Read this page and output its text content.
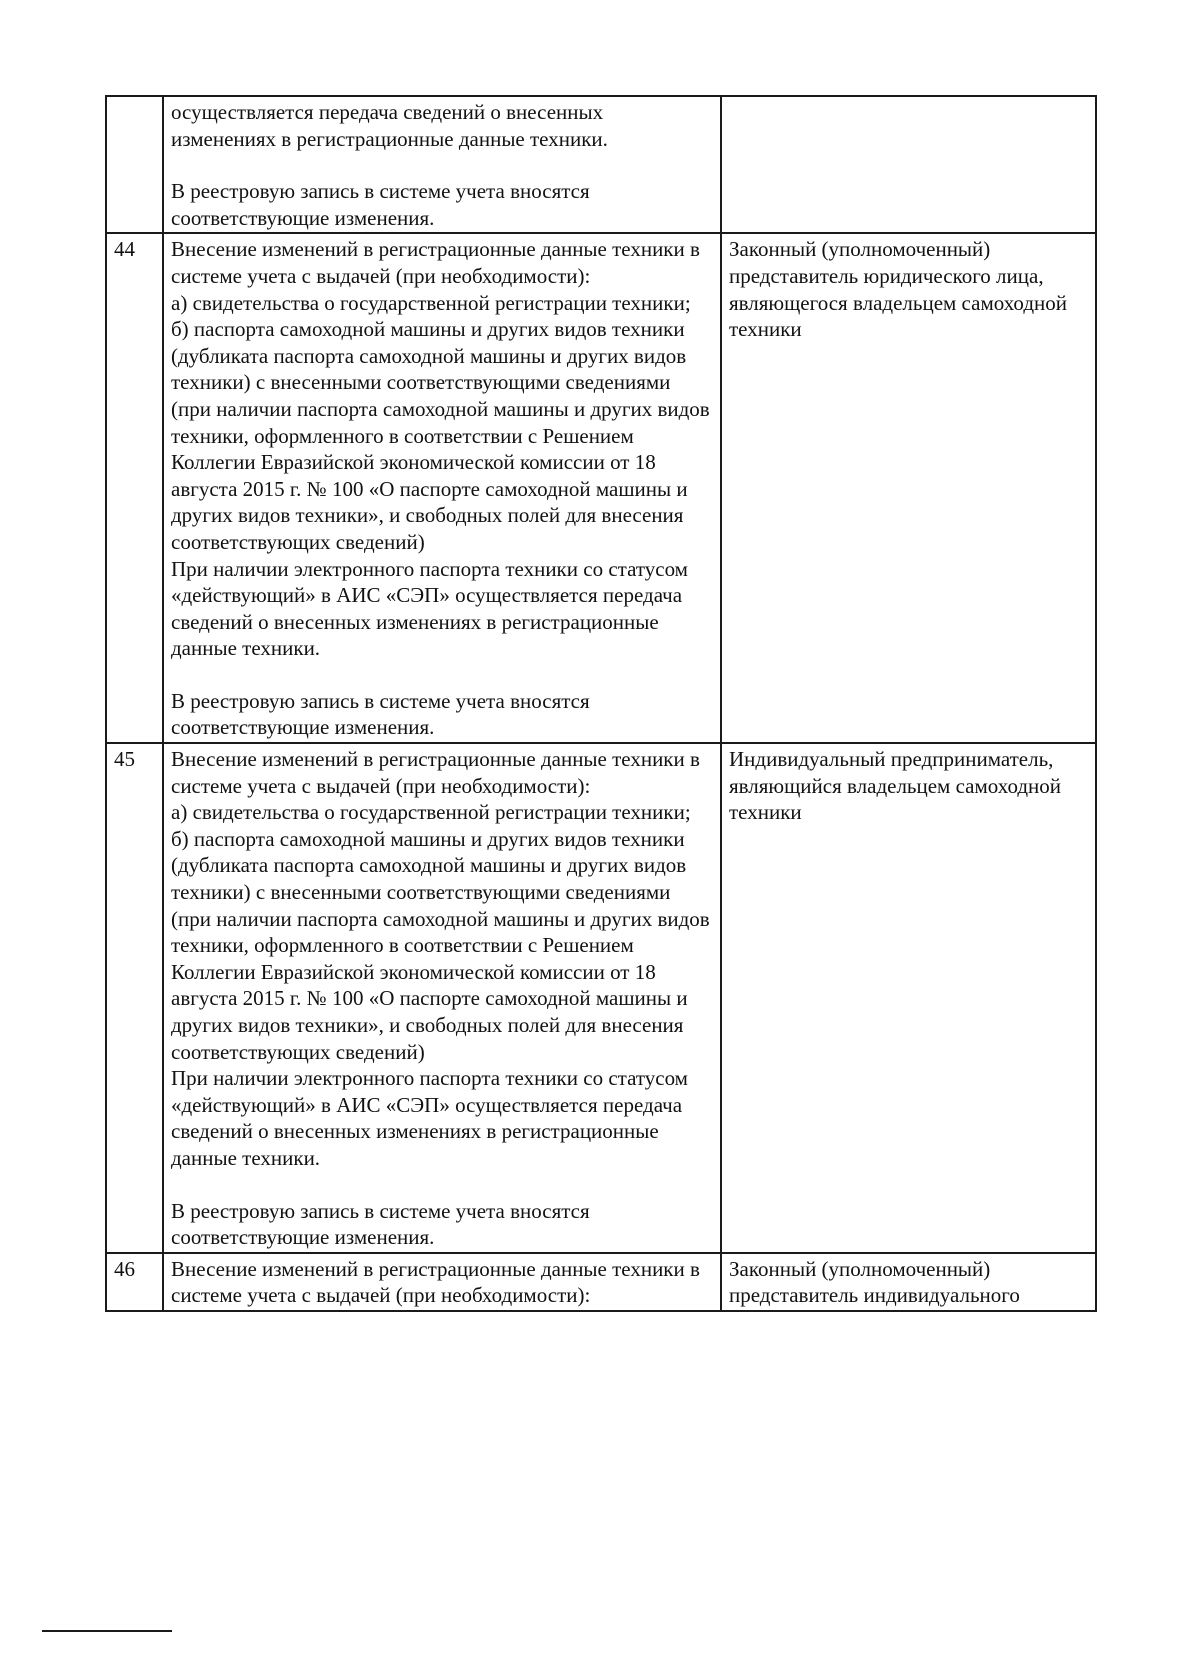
	осуществляется передача сведений о внесенных изменениях в регистрационные данные техники.
В реестровую запись в системе учета вносятся соответствующие изменения.	

44	Внесение изменений в регистрационные данные техники в системе учета с выдачей (при необходимости):
а) свидетельства о государственной регистрации техники;
б) паспорта самоходной машины и других видов техники (дубликата паспорта самоходной машины и других видов техники) с внесенными соответствующими сведениями (при наличии паспорта самоходной машины и других видов техники, оформленного в соответствии с Решением Коллегии Евразийской экономической комиссии от 18 августа 2015 г. № 100 «О паспорте самоходной машины и других видов техники», и свободных полей для внесения соответствующих сведений)
При наличии электронного паспорта техники со статусом «действующий» в АИС «СЭП» осуществляется передача сведений о внесенных изменениях в регистрационные данные техники.
В реестровую запись в системе учета вносятся соответствующие изменения.	Законный (уполномоченный) представитель юридического лица, являющегося владельцем самоходной техники
45	Внесение изменений в регистрационные данные техники в системе учета с выдачей (при необходимости):
а) свидетельства о государственной регистрации техники;
б) паспорта самоходной машины и других видов техники (дубликата паспорта самоходной машины и других видов техники) с внесенными соответствующими сведениями (при наличии паспорта самоходной машины и других видов техники, оформленного в соответствии с Решением Коллегии Евразийской экономической комиссии от 18 августа 2015 г. № 100 «О паспорте самоходной машины и других видов техники», и свободных полей для внесения соответствующих сведений)
При наличии электронного паспорта техники со статусом «действующий» в АИС «СЭП» осуществляется передача сведений о внесенных изменениях в регистрационные данные техники.
В реестровую запись в системе учета вносятся соответствующие изменения.	Индивидуальный предприниматель, являющийся владельцем самоходной техники
46	Внесение изменений в регистрационные данные техники в системе учета с выдачей (при необходимости):	Законный (уполномоченный) представитель индивидуального
